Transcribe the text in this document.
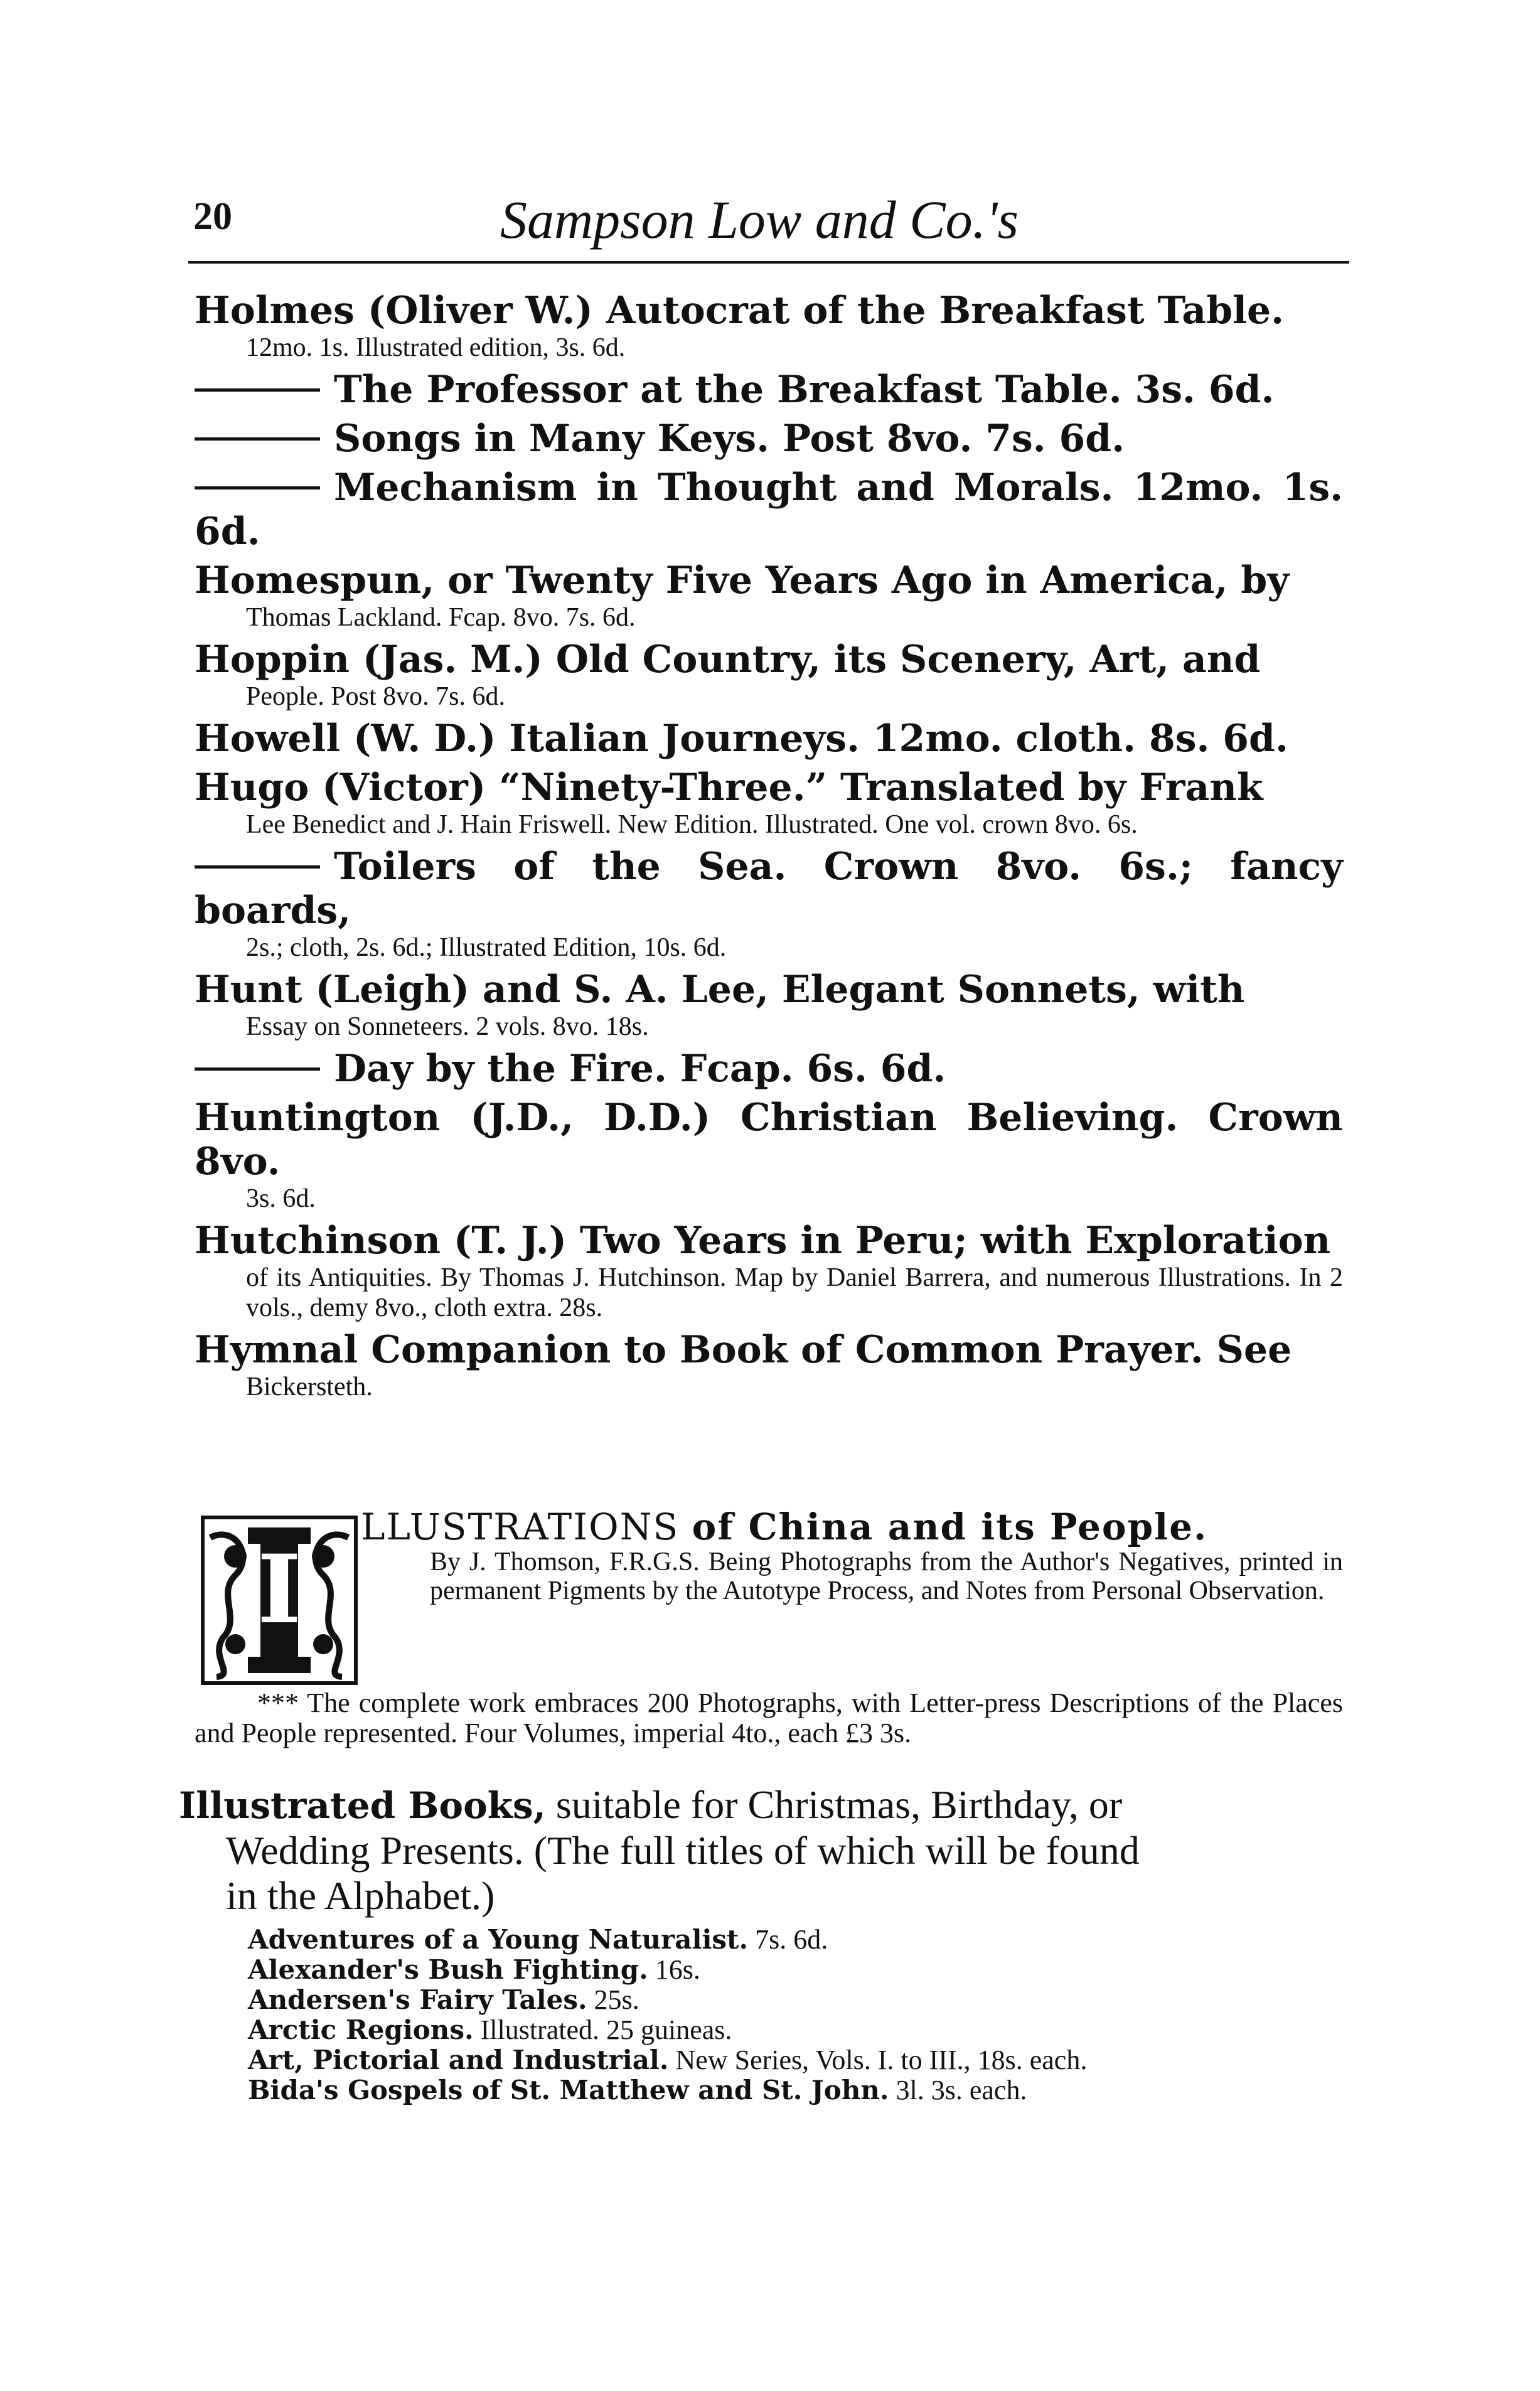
20	Sampson Low and Co.'s
Holmes (Oliver W.) Autocrat of the Breakfast Table.
12mo. 1s. Illustrated edition, 3s. 6d.
The Professor at the Breakfast Table. 3s. 6d.
Songs in Many Keys. Post 8vo. 7s. 6d.
Mechanism in Thought and Morals. 12mo. 1s. 6d.
Homespun, or Twenty Five Years Ago in America, by
Thomas Lackland. Fcap. 8vo. 7s. 6d.
Hoppin (Jas. M.) Old Country, its Scenery, Art, and
People. Post 8vo. 7s. 6d.
Howell (W. D.) Italian Journeys. 12mo. cloth. 8s. 6d.
Hugo (Victor) “Ninety-Three.” Translated by Frank
Lee Benedict and J. Hain Friswell. New Edition. Illustrated. One vol. crown 8vo. 6s.
Toilers of the Sea. Crown 8vo. 6s.; fancy boards,
2s.; cloth, 2s. 6d.; Illustrated Edition, 10s. 6d.
Hunt (Leigh) and S. A. Lee, Elegant Sonnets, with
Essay on Sonneteers. 2 vols. 8vo. 18s.
Day by the Fire. Fcap. 6s. 6d.
Huntington (J.D., D.D.) Christian Believing. Crown 8vo.
3s. 6d.
Hutchinson (T. J.) Two Years in Peru; with Exploration
of its Antiquities. By Thomas J. Hutchinson. Map by Daniel Barrera, and numerous Illustrations. In 2 vols., demy 8vo., cloth extra. 28s.
Hymnal Companion to Book of Common Prayer. See
Bickersteth.
I
LLUSTRATIONS of China and its People.
By J. Thomson, F.R.G.S. Being Photographs from the Author's Negatives, printed in permanent Pigments by the Autotype Process, and Notes from Personal Observation.
*** The complete work embraces 200 Photographs, with Letter-press Descriptions of the Places and People represented. Four Volumes, imperial 4to., each £3 3s.
Illustrated Books, suitable for Christmas, Birthday, or
Wedding Presents. (The full titles of which will be found
in the Alphabet.)
Adventures of a Young Naturalist. 7s. 6d.
Alexander's Bush Fighting. 16s.
Andersen's Fairy Tales. 25s.
Arctic Regions. Illustrated. 25 guineas.
Art, Pictorial and Industrial. New Series, Vols. I. to III., 18s. each.
Bida's Gospels of St. Matthew and St. John. 3l. 3s. each.
